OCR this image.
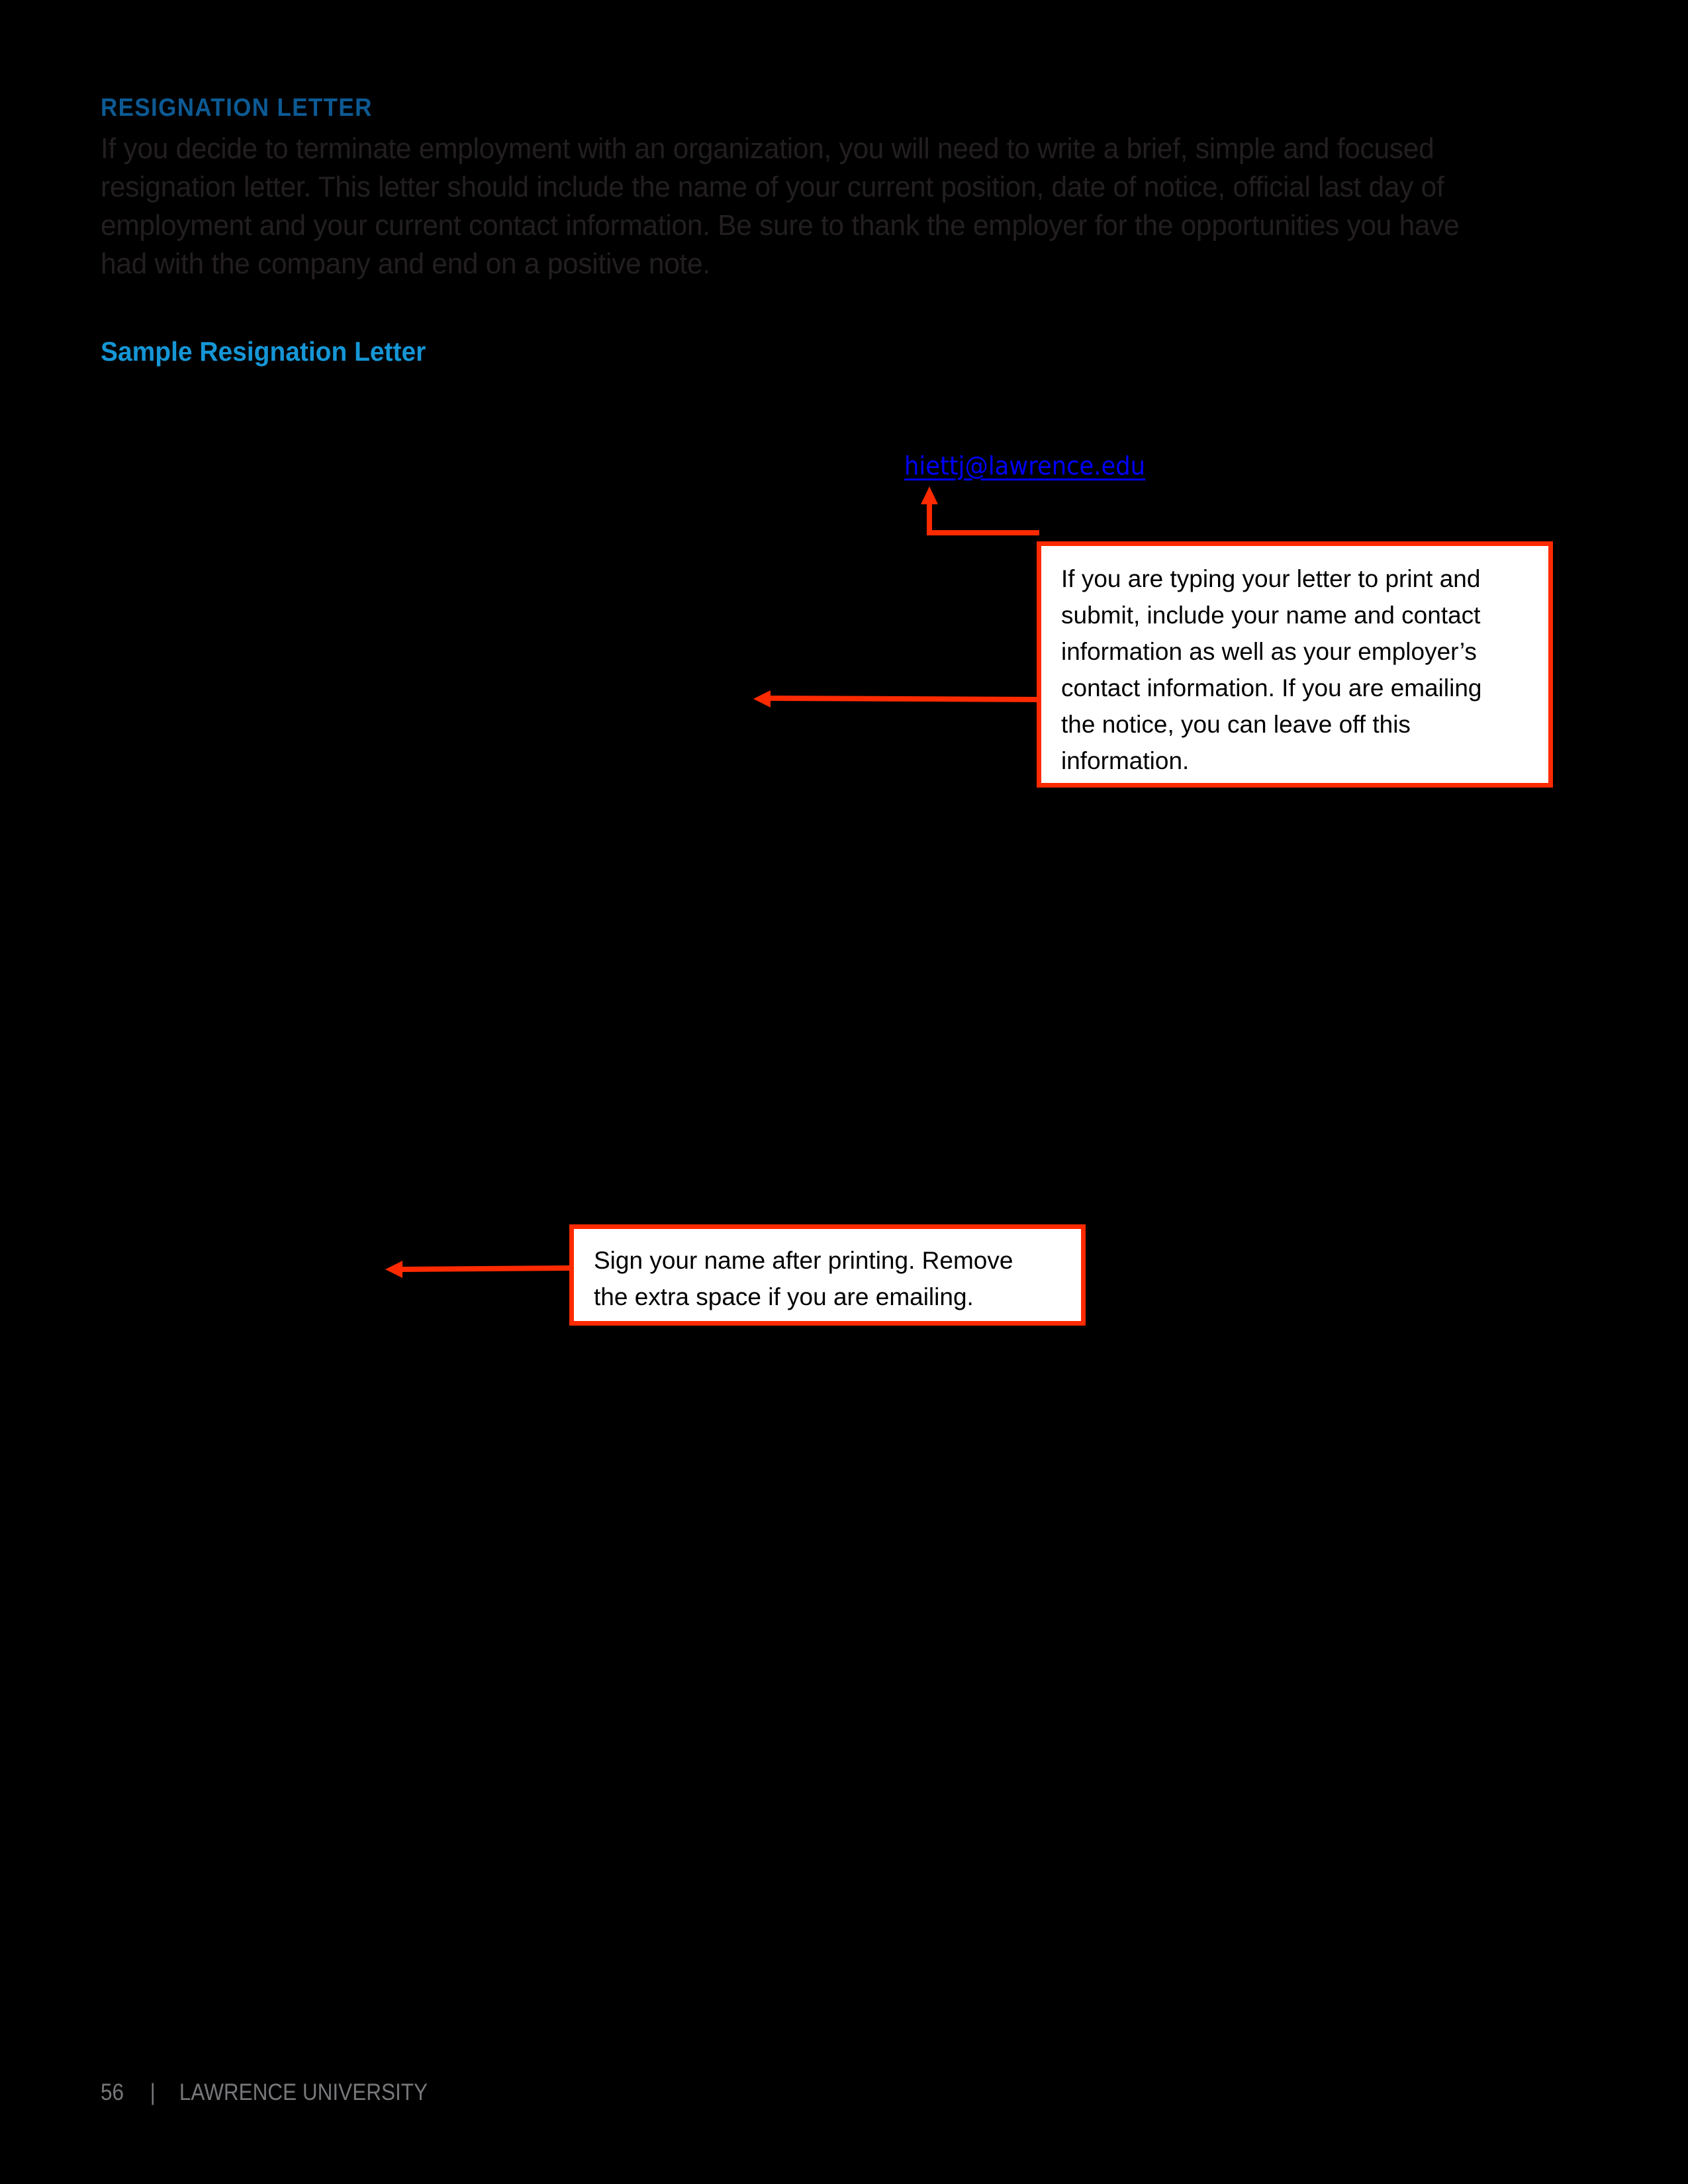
RESIGNATION LETTER
If you decide to terminate employment with an organization, you will need to write a brief, simple and focused
resignation letter. This letter should include the name of your current position, date of notice, official last day of
employment and your current contact information. Be sure to thank the employer for the opportunities you have
had with the company and end on a positive note.
Sample Resignation Letter
hiettj@lawrence.edu
If you are typing your letter to print and
submit, include your name and contact
information as well as your employer’s
contact information. If you are emailing
the notice, you can leave off this
information.
Sign your name after printing. Remove
the extra space if you are emailing.
56 | LAWRENCE UNIVERSITY
